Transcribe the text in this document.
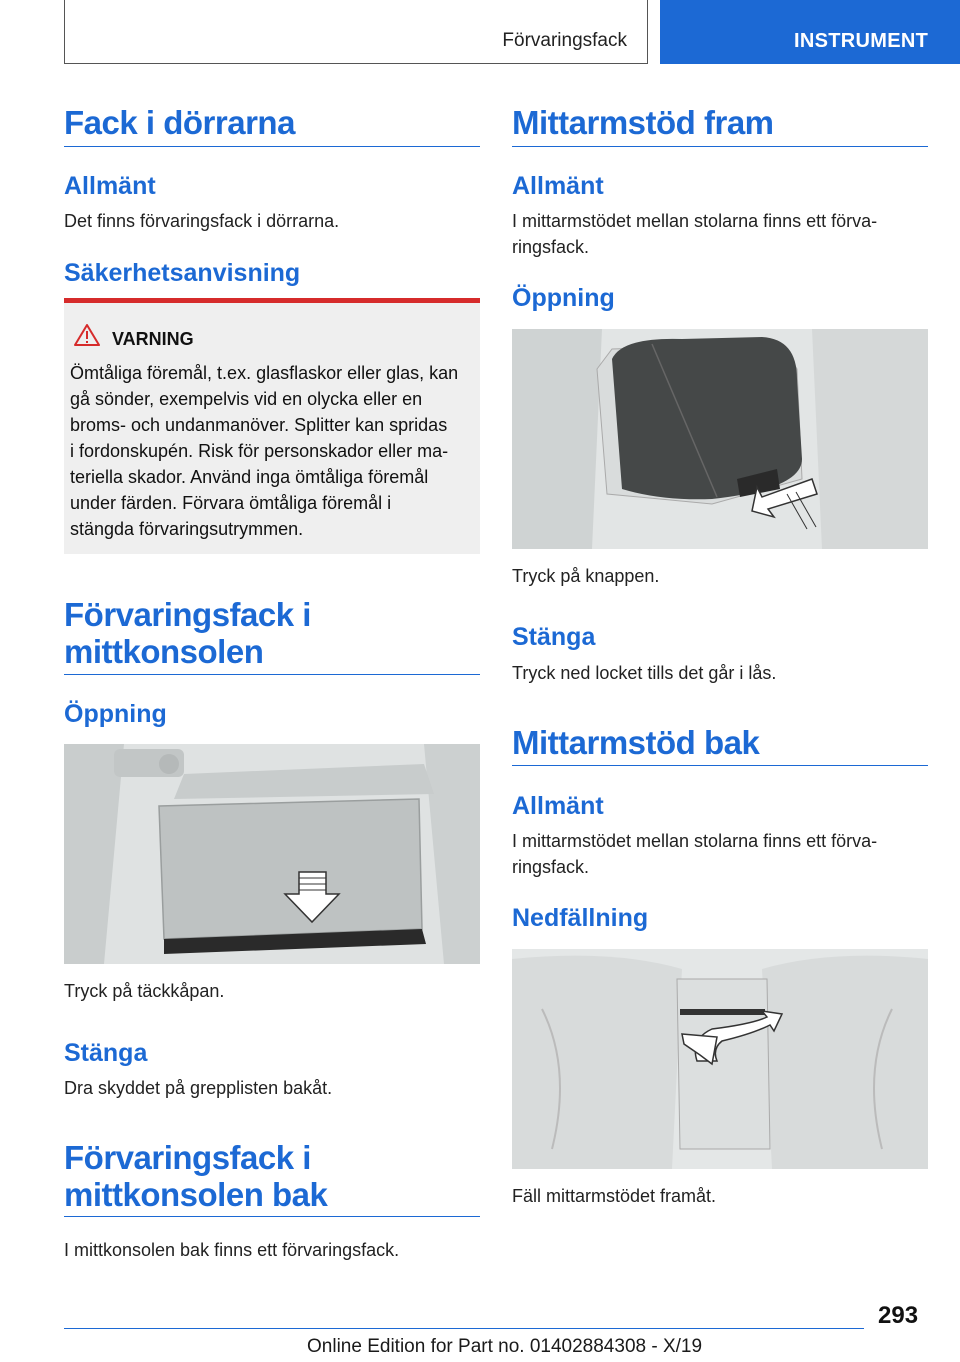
Förvaringsfack	INSTRUMENT
Fack i dörrarna
Allmänt
Det finns förvaringsfack i dörrarna.
Säkerhetsanvisning
VARNING
Ömtåliga föremål, t.ex. glasflaskor eller glas, kan
gå sönder, exempelvis vid en olycka eller en
broms- och undanmanöver. Splitter kan spridas
i fordonskupén. Risk för personskador eller ma-
teriella skador. Använd inga ömtåliga föremål
under färden. Förvara ömtåliga föremål i
stängda förvaringsutrymmen.
Förvaringsfack i
mittkonsolen
Öppning
Tryck på täckkåpan.
Stänga
Dra skyddet på grepplisten bakåt.
Förvaringsfack i
mittkonsolen bak
I mittkonsolen bak finns ett förvaringsfack.
Mittarmstöd fram
Allmänt
I mittarmstödet mellan stolarna finns ett förva-
ringsfack.
Öppning
Tryck på knappen.
Stänga
Tryck ned locket tills det går i lås.
Mittarmstöd bak
Allmänt
I mittarmstödet mellan stolarna finns ett förva-
ringsfack.
Nedfällning
Fäll mittarmstödet framåt.
293
Online Edition for Part no. 01402884308 - X/19
